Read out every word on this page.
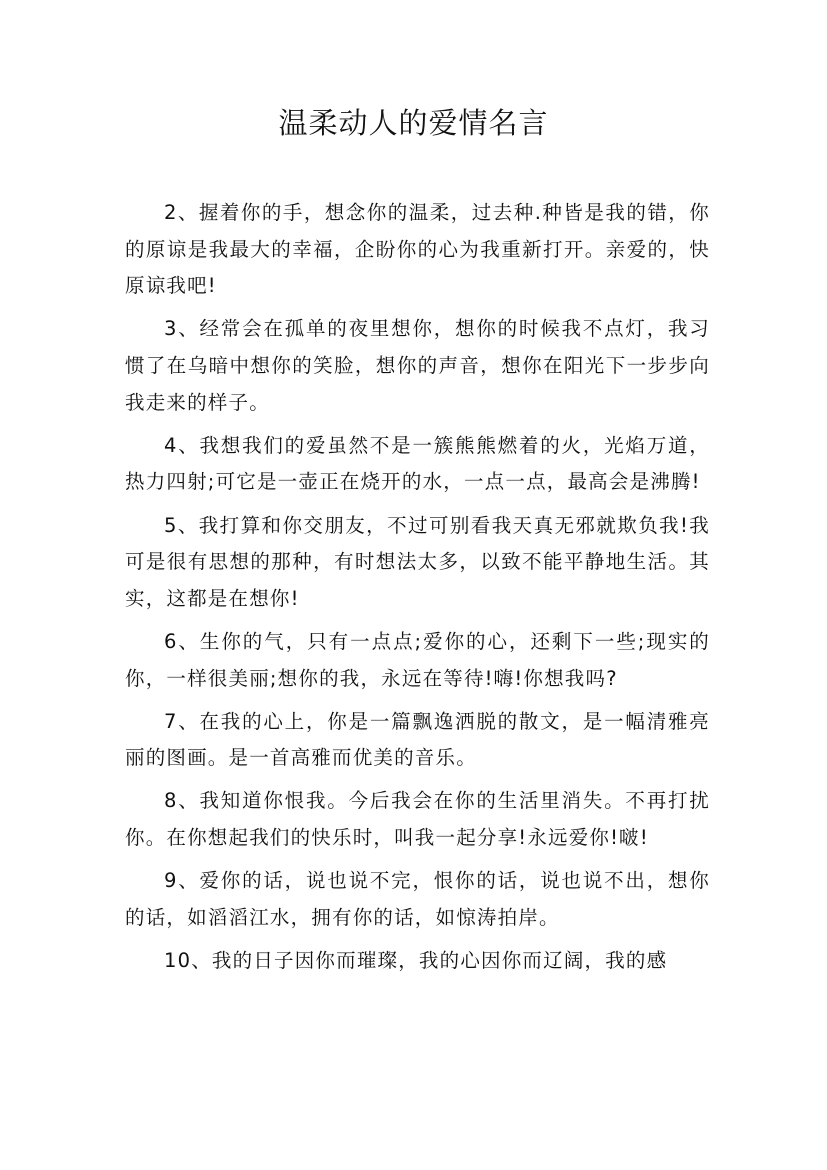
温柔动人的爱情名言

2、握着你的手，想念你的温柔，过去种.种皆是我的错，你的原谅是我最大的幸福，企盼你的心为我重新打开。亲爱的，快原谅我吧!

3、经常会在孤单的夜里想你，想你的时候我不点灯，我习惯了在乌暗中想你的笑脸，想你的声音，想你在阳光下一步步向我走来的样子。

4、我想我们的爱虽然不是一簇熊熊燃着的火，光焰万道，热力四射;可它是一壶正在烧开的水，一点一点，最高会是沸腾!

5、我打算和你交朋友，不过可别看我天真无邪就欺负我!我可是很有思想的那种，有时想法太多，以致不能平静地生活。其实，这都是在想你!

6、生你的气，只有一点点;爱你的心，还剩下一些;现实的你，一样很美丽;想你的我，永远在等待!嗨!你想我吗?

7、在我的心上，你是一篇飘逸洒脱的散文，是一幅清雅亮丽的图画。是一首高雅而优美的音乐。

8、我知道你恨我。今后我会在你的生活里消失。不再打扰你。在你想起我们的快乐时，叫我一起分享!永远爱你!啵!

9、爱你的话，说也说不完，恨你的话，说也说不出，想你的话，如滔滔江水，拥有你的话，如惊涛拍岸。

10、我的日子因你而璀璨，我的心因你而辽阔，我的感
